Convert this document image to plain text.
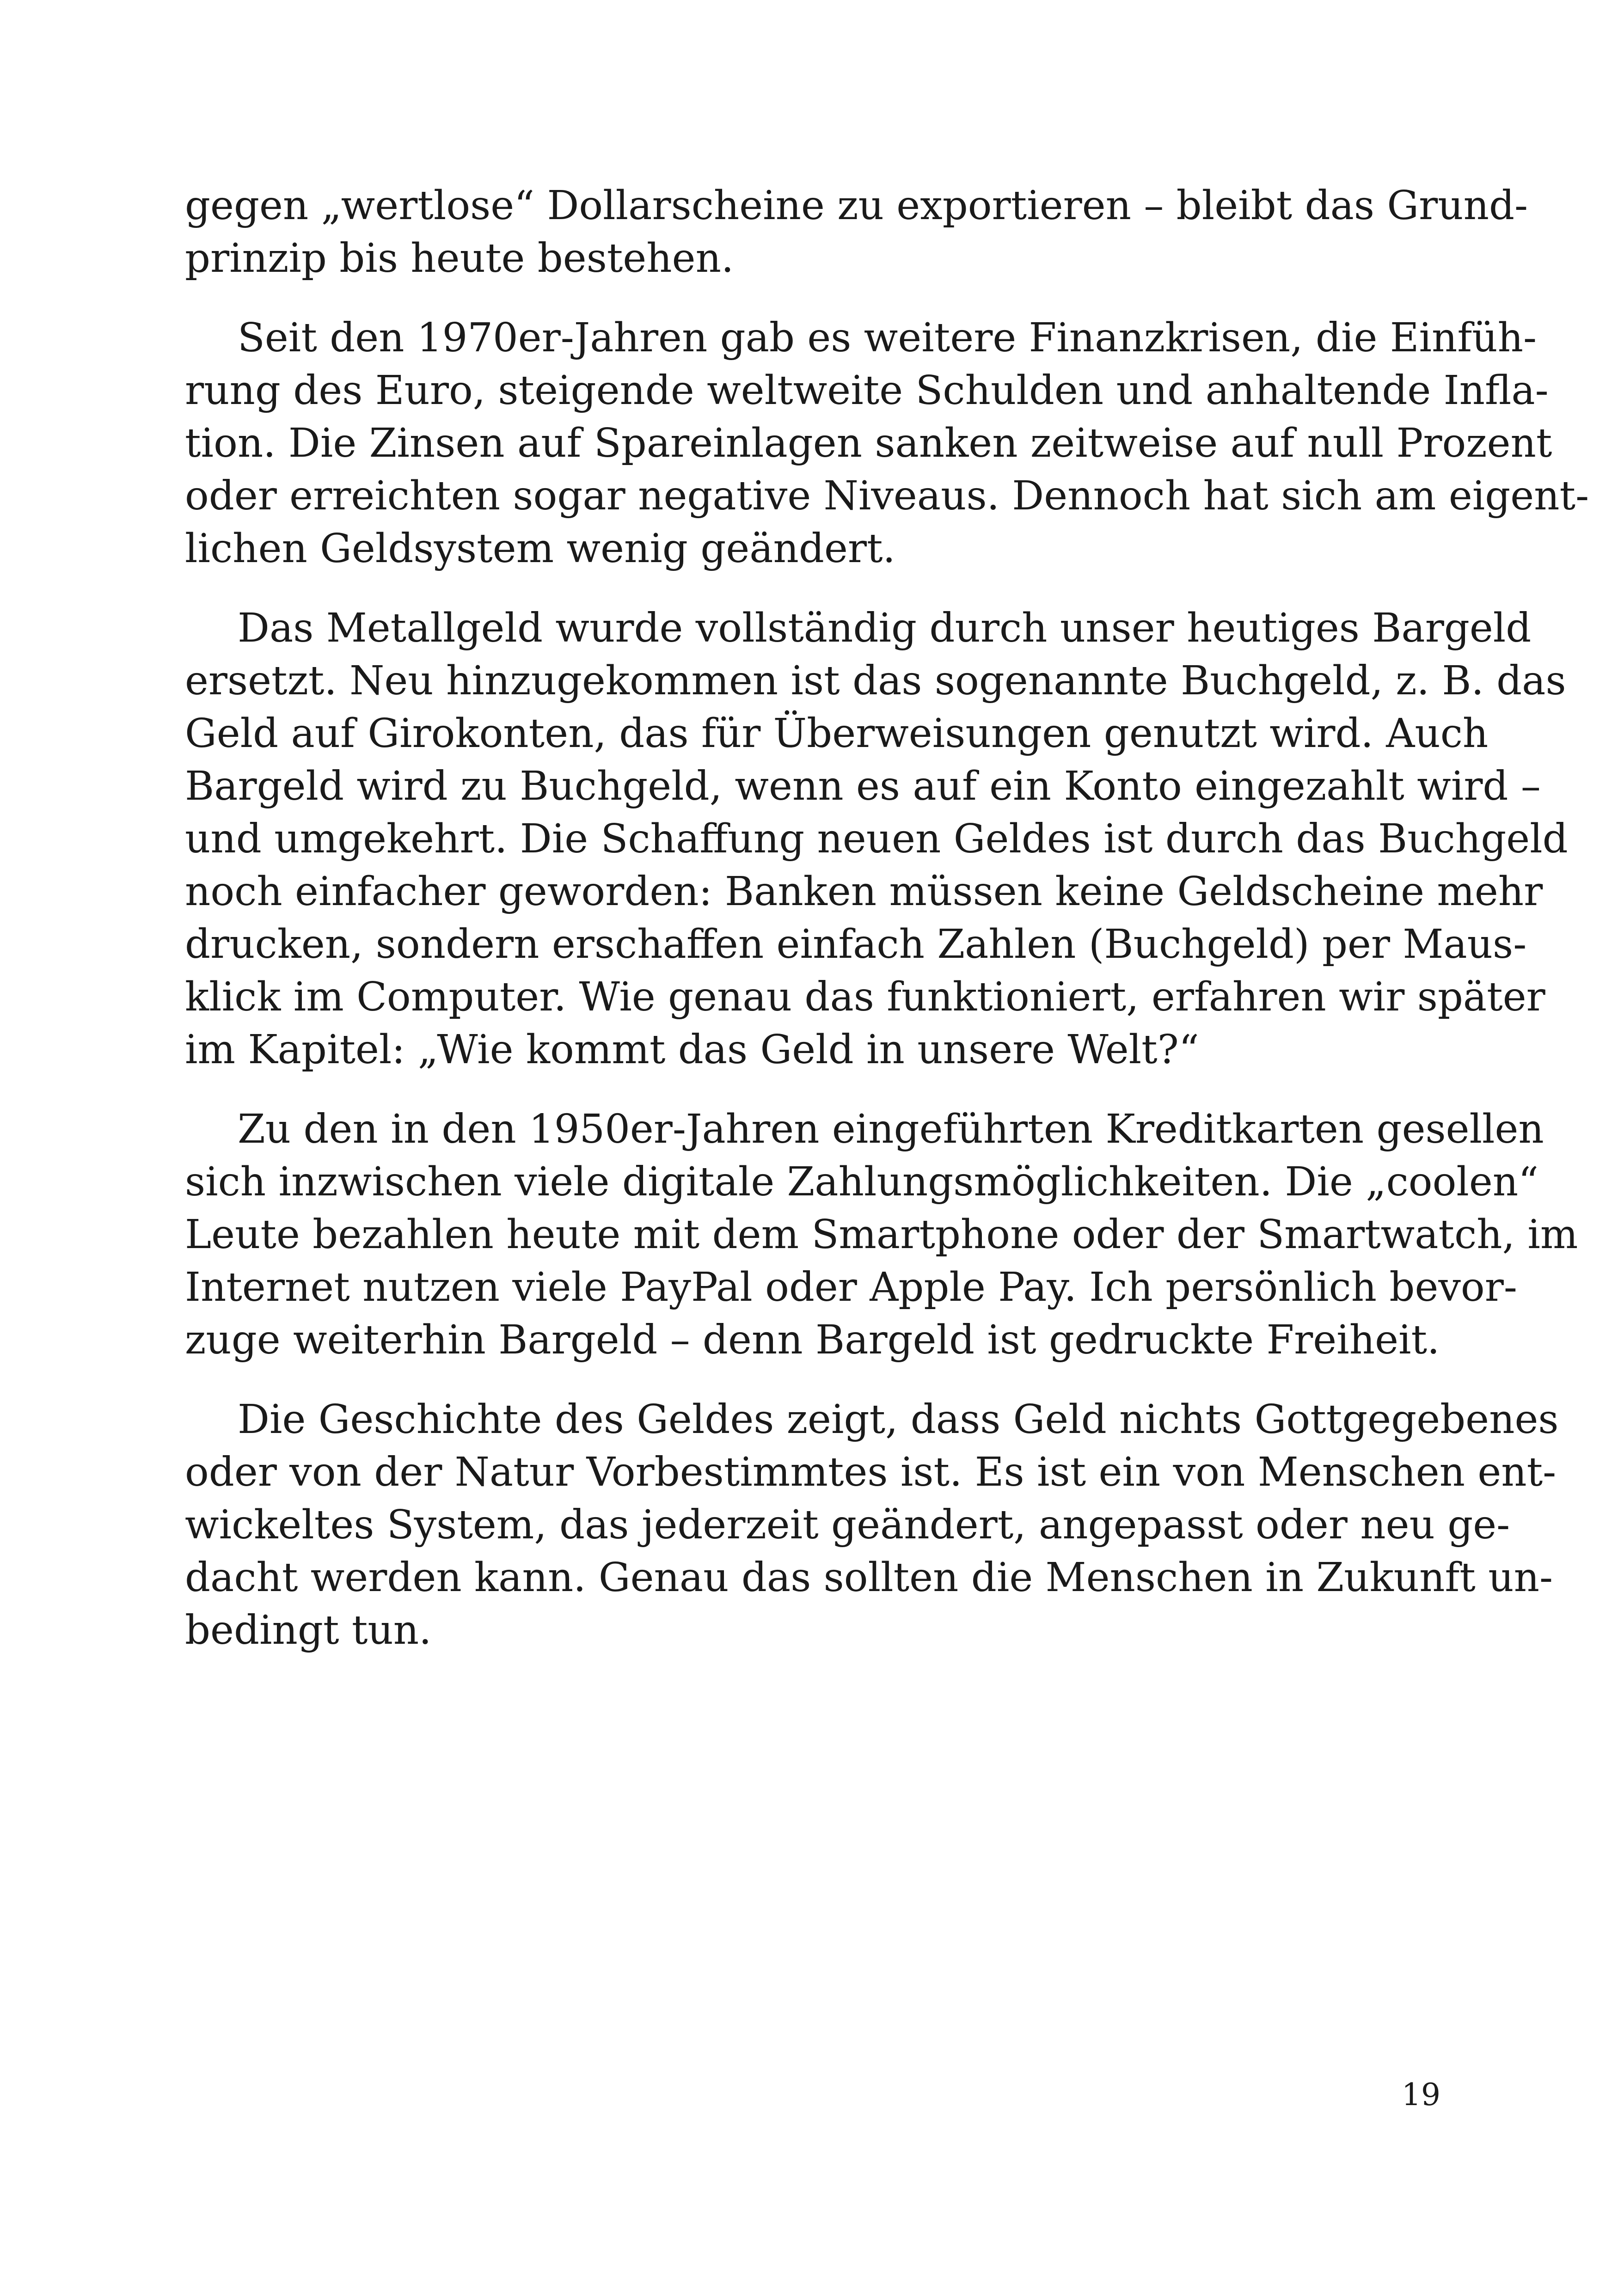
gegen „wertlose“ Dollarscheine zu exportieren – bleibt das Grund-
prinzip bis heute bestehen.
Seit den 1970er-Jahren gab es weitere Finanzkrisen, die Einfüh-
rung des Euro, steigende weltweite Schulden und anhaltende Infla-
tion. Die Zinsen auf Spareinlagen sanken zeitweise auf null Prozent
oder erreichten sogar negative Niveaus. Dennoch hat sich am eigent-
lichen Geldsystem wenig geändert.
Das Metallgeld wurde vollständig durch unser heutiges Bargeld
ersetzt. Neu hinzugekommen ist das sogenannte Buchgeld, z. B. das
Geld auf Girokonten, das für Überweisungen genutzt wird. Auch
Bargeld wird zu Buchgeld, wenn es auf ein Konto eingezahlt wird –
und umgekehrt. Die Schaffung neuen Geldes ist durch das Buchgeld
noch einfacher geworden: Banken müssen keine Geldscheine mehr
drucken, sondern erschaffen einfach Zahlen (Buchgeld) per Maus-
klick im Computer. Wie genau das funktioniert, erfahren wir später
im Kapitel: „Wie kommt das Geld in unsere Welt?“
Zu den in den 1950er-Jahren eingeführten Kreditkarten gesellen
sich inzwischen viele digitale Zahlungsmöglichkeiten. Die „coolen“
Leute bezahlen heute mit dem Smartphone oder der Smartwatch, im
Internet nutzen viele PayPal oder Apple Pay. Ich persönlich bevor-
zuge weiterhin Bargeld – denn Bargeld ist gedruckte Freiheit.
Die Geschichte des Geldes zeigt, dass Geld nichts Gottgegebenes
oder von der Natur Vorbestimmtes ist. Es ist ein von Menschen ent-
wickeltes System, das jederzeit geändert, angepasst oder neu ge-
dacht werden kann. Genau das sollten die Menschen in Zukunft un-
bedingt tun.
19
